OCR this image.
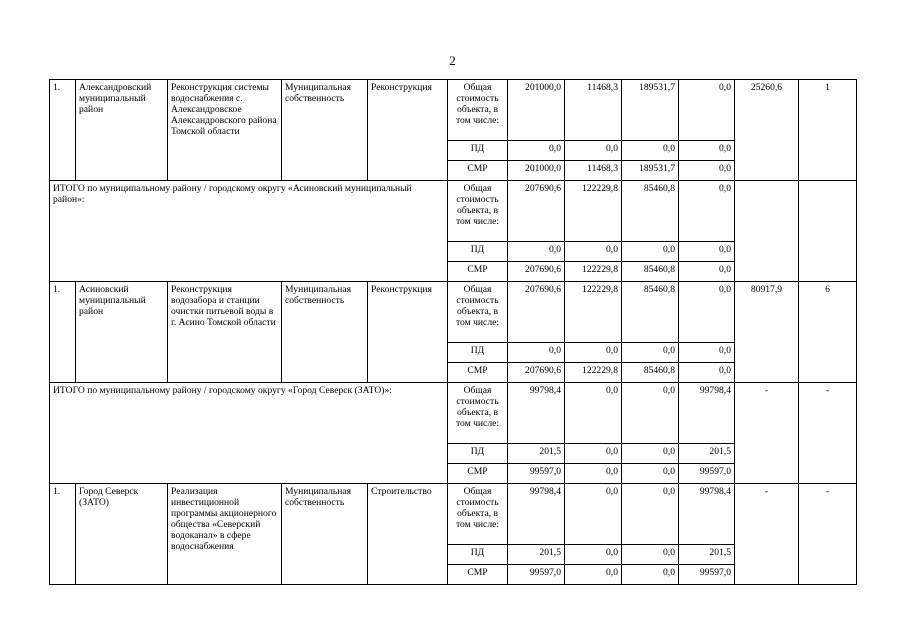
2
1.	Александровский муниципальный район	Реконструкция системы водоснабжения с. Александровское Александровского района Томской области	Муниципальная собственность	Реконструкция	Общая стоимость объекта, в том числе:	201000,0	11468,3	189531,7	0,0	25260,6	1
					ПД	0,0	0,0	0,0	0,0		
					СМР	201000,0	11468,3	189531,7	0,0		
ИТОГО по муниципальному району / городскому округу «Асиновский муниципальный район»:					Общая стоимость объекта, в том числе:	207690,6	122229,8	85460,8	0,0		
					ПД	0,0	0,0	0,0	0,0		
					СМР	207690,6	122229,8	85460,8	0,0		
1.	Асиновский муниципальный район	Реконструкция водозабора и станции очистки питьевой воды в г. Асино Томской области	Муниципальная собственность	Реконструкция	Общая стоимость объекта, в том числе:	207690,6	122229,8	85460,8	0,0	80917,9	6
					ПД	0,0	0,0	0,0	0,0		
					СМР	207690,6	122229,8	85460,8	0,0		
ИТОГО по муниципальному району / городскому округу «Город Северск (ЗАТО)»:					Общая стоимость объекта, в том числе:	99798,4	0,0	0,0	99798,4	-	-
					ПД	201,5	0,0	0,0	201,5		
					СМР	99597,0	0,0	0,0	99597,0		
1.	Город Северск (ЗАТО)	Реализация инвестиционной программы акционерного общества «Северский водоканал» в сфере водоснабжения	Муниципальная собственность	Строительство	Общая стоимость объекта, в том числе:	99798,4	0,0	0,0	99798,4	-	-
					ПД	201,5	0,0	0,0	201,5		
					СМР	99597,0	0,0	0,0	99597,0		
